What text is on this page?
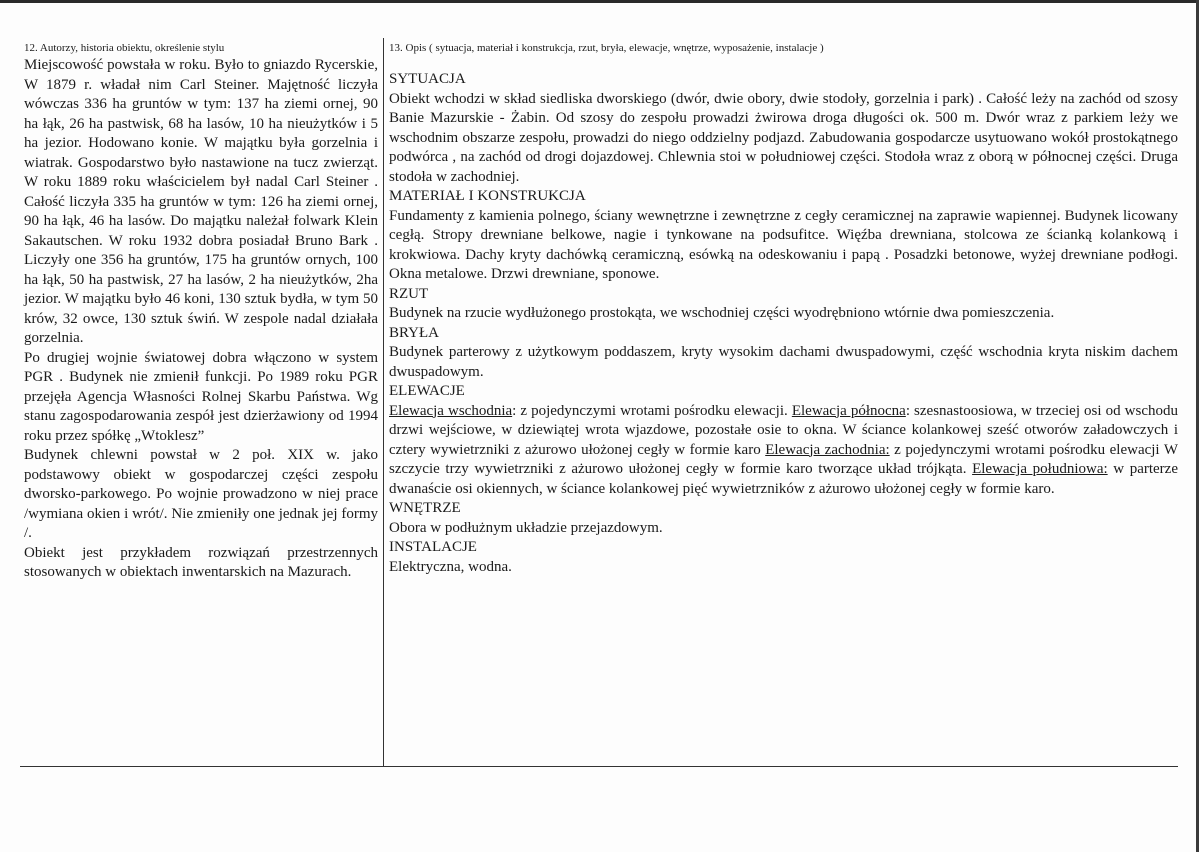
12. Autorzy, historia obiektu, określenie stylu

Miejscowość powstała w roku. Było to gniazdo Rycerskie, W 1879 r. władał nim Carl Steiner. Majętność liczyła wówczas 336 ha gruntów w tym: 137 ha ziemi ornej, 90 ha łąk, 26 ha pastwisk, 68 ha lasów, 10 ha nieużytków i 5 ha jezior. Hodowano konie. W majątku była gorzelnia i wiatrak. Gospodarstwo było nastawione na tucz zwierząt. W roku 1889 roku właścicielem był nadal Carl Steiner . Całość liczyła 335 ha gruntów w tym: 126 ha ziemi ornej, 90 ha łąk, 46 ha lasów. Do majątku należał folwark Klein Sakautschen. W roku 1932 dobra posiadał Bruno Bark . Liczyły one 356 ha gruntów, 175 ha gruntów ornych, 100 ha łąk, 50 ha pastwisk, 27 ha lasów, 2 ha nieużytków, 2ha jezior. W majątku było 46 koni, 130 sztuk bydła, w tym 50 krów, 32 owce, 130 sztuk świń. W zespole nadal działała gorzelnia.

Po drugiej wojnie światowej dobra włączono w system PGR . Budynek nie zmienił funkcji. Po 1989 roku PGR przejęła Agencja Własności Rolnej Skarbu Państwa. Wg stanu zagospodarowania zespół jest dzierżawiony od 1994 roku przez spółkę „Wtoklesz”

Budynek chlewni powstał w 2 poł. XIX w. jako podstawowy obiekt w gospodarczej części zespołu dworsko-parkowego. Po wojnie prowadzono w niej prace /wymiana okien i wrót/. Nie zmieniły one jednak jej formy /.

Obiekt jest przykładem rozwiązań przestrzennych stosowanych w obiektach inwentarskich na Mazurach.

13. Opis ( sytuacja, materiał i konstrukcja, rzut, bryła, elewacje, wnętrze, wyposażenie, instalacje )

SYTUACJA

Obiekt wchodzi w skład siedliska dworskiego (dwór, dwie obory, dwie stodoły, gorzelnia i park) . Całość leży na zachód od szosy Banie Mazurskie - Żabin. Od szosy do zespołu prowadzi żwirowa droga długości ok. 500 m. Dwór wraz z parkiem leży we wschodnim obszarze zespołu, prowadzi do niego oddzielny podjazd. Zabudowania gospodarcze usytuowano wokół prostokątnego podwórca , na zachód od drogi dojazdowej. Chlewnia stoi w południowej części. Stodoła wraz z oborą w północnej części. Druga stodoła w zachodniej.

MATERIAŁ I KONSTRUKCJA

Fundamenty z kamienia polnego, ściany wewnętrzne i zewnętrzne z cegły ceramicznej na zaprawie wapiennej. Budynek licowany cegłą. Stropy drewniane belkowe, nagie i tynkowane na podsufitce. Więźba drewniana, stolcowa ze ścianką kolankową i krokwiowa. Dachy kryty dachówką ceramiczną, esówką na odeskowaniu i papą . Posadzki betonowe, wyżej drewniane podłogi. Okna metalowe. Drzwi drewniane, sponowe.

RZUT

Budynek na rzucie wydłużonego prostokąta, we wschodniej części wyodrębniono wtórnie dwa pomieszczenia.

BRYŁA

Budynek parterowy z użytkowym poddaszem, kryty wysokim dachami dwuspadowymi, część wschodnia kryta niskim dachem dwuspadowym.

ELEWACJE

Elewacja wschodnia: z pojedynczymi wrotami pośrodku elewacji. Elewacja północna: szesnastoosiowa, w trzeciej osi od wschodu drzwi wejściowe, w dziewiątej wrota wjazdowe, pozostałe osie to okna. W ściance kolankowej sześć otworów załadowczych i cztery wywietrzniki z ażurowo ułożonej cegły w formie karo Elewacja zachodnia: z pojedynczymi wrotami pośrodku elewacji W szczycie trzy wywietrzniki z ażurowo ułożonej cegły w formie karo tworzące układ trójkąta. Elewacja południowa: w parterze dwanaście osi okiennych, w ściance kolankowej pięć wywietrzników z ażurowo ułożonej cegły w formie karo.

WNĘTRZE

Obora w podłużnym układzie przejazdowym.

INSTALACJE

Elektryczna, wodna.
